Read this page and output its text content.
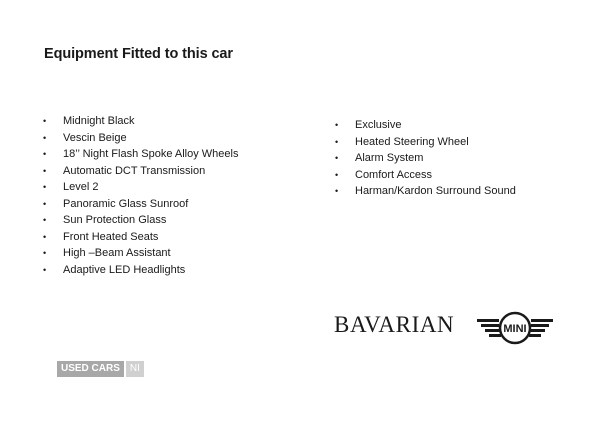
Equipment Fitted to this car
• Midnight Black
• Vescin Beige
• 18’’ Night Flash Spoke Alloy Wheels
• Automatic DCT Transmission
• Level 2
• Panoramic Glass Sunroof
• Sun Protection Glass
• Front Heated Seats
• High –Beam Assistant
• Adaptive LED Headlights
• Exclusive
• Heated Steering Wheel
• Alarm System
• Comfort Access
• Harman/Kardon Surround Sound
BAVARIAN	MINI
USED CARS	NI
